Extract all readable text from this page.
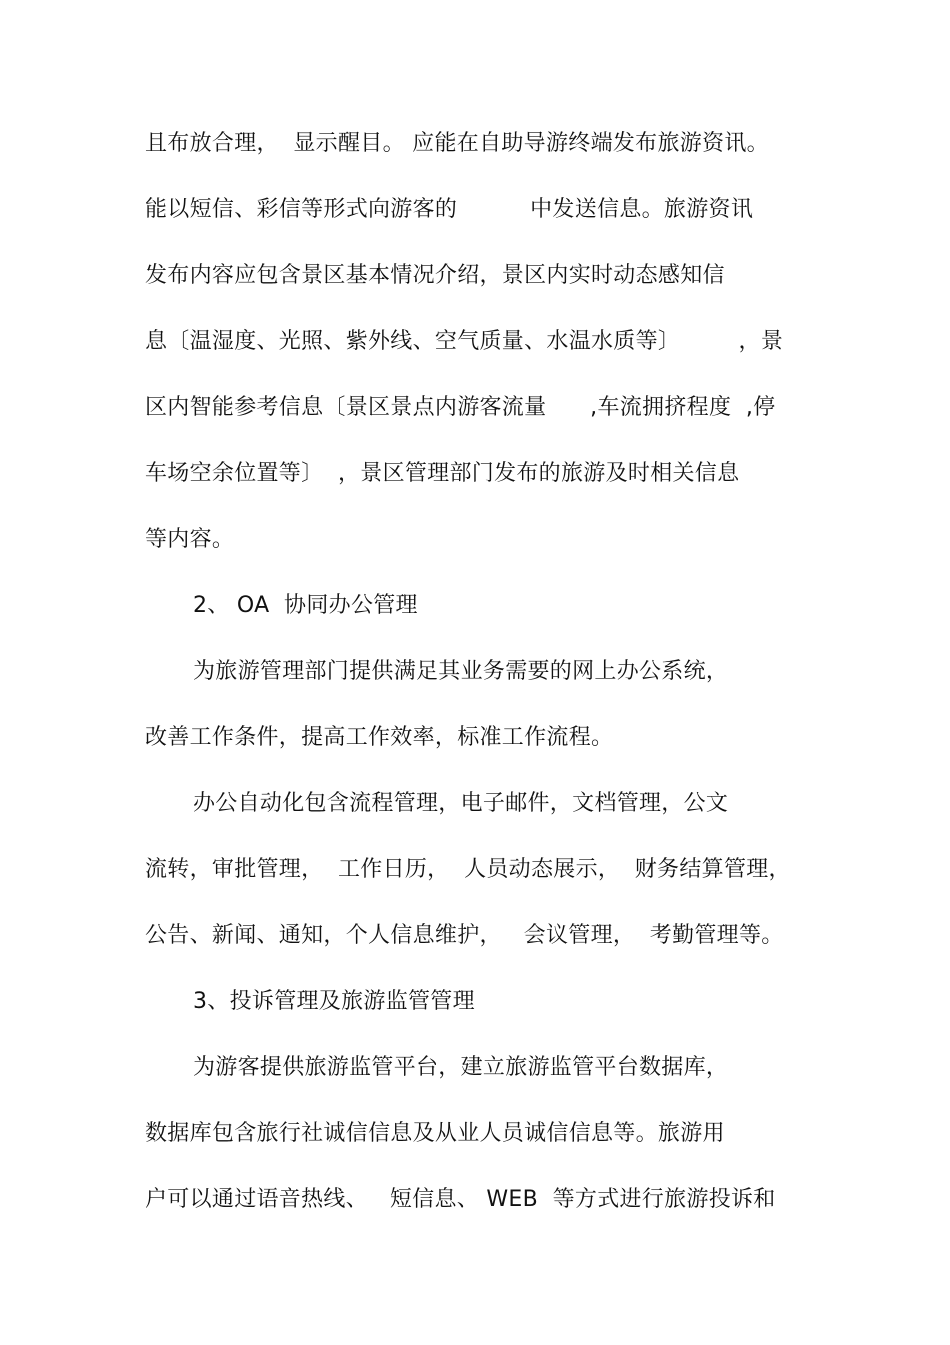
且布放合理，  显示醒目。 应能在自助导游终端发布旅游资讯。
能以短信、彩信等形式向游客的          中发送信息。旅游资讯
发布内容应包含景区基本情况介绍，景区内实时动态感知信
息〔温湿度、光照、紫外线、空气质量、水温水质等〕        ，景
区内智能参考信息〔景区景点内游客流量      ,车流拥挤程度  ,停
车场空余位置等〕  ，景区管理部门发布的旅游及时相关信息
等内容。
2、 OA  协同办公管理
为旅游管理部门提供满足其业务需要的网上办公系统，
改善工作条件，提高工作效率，标准工作流程。
办公自动化包含流程管理，电子邮件，文档管理，公文
流转，审批管理，  工作日历，  人员动态展示，  财务结算管理，
公告、新闻、通知，个人信息维护，   会议管理，  考勤管理等。
3、投诉管理及旅游监管管理
为游客提供旅游监管平台，建立旅游监管平台数据库，
数据库包含旅行社诚信信息及从业人员诚信信息等。旅游用
户可以通过语音热线、   短信息、 WEB  等方式进行旅游投诉和
